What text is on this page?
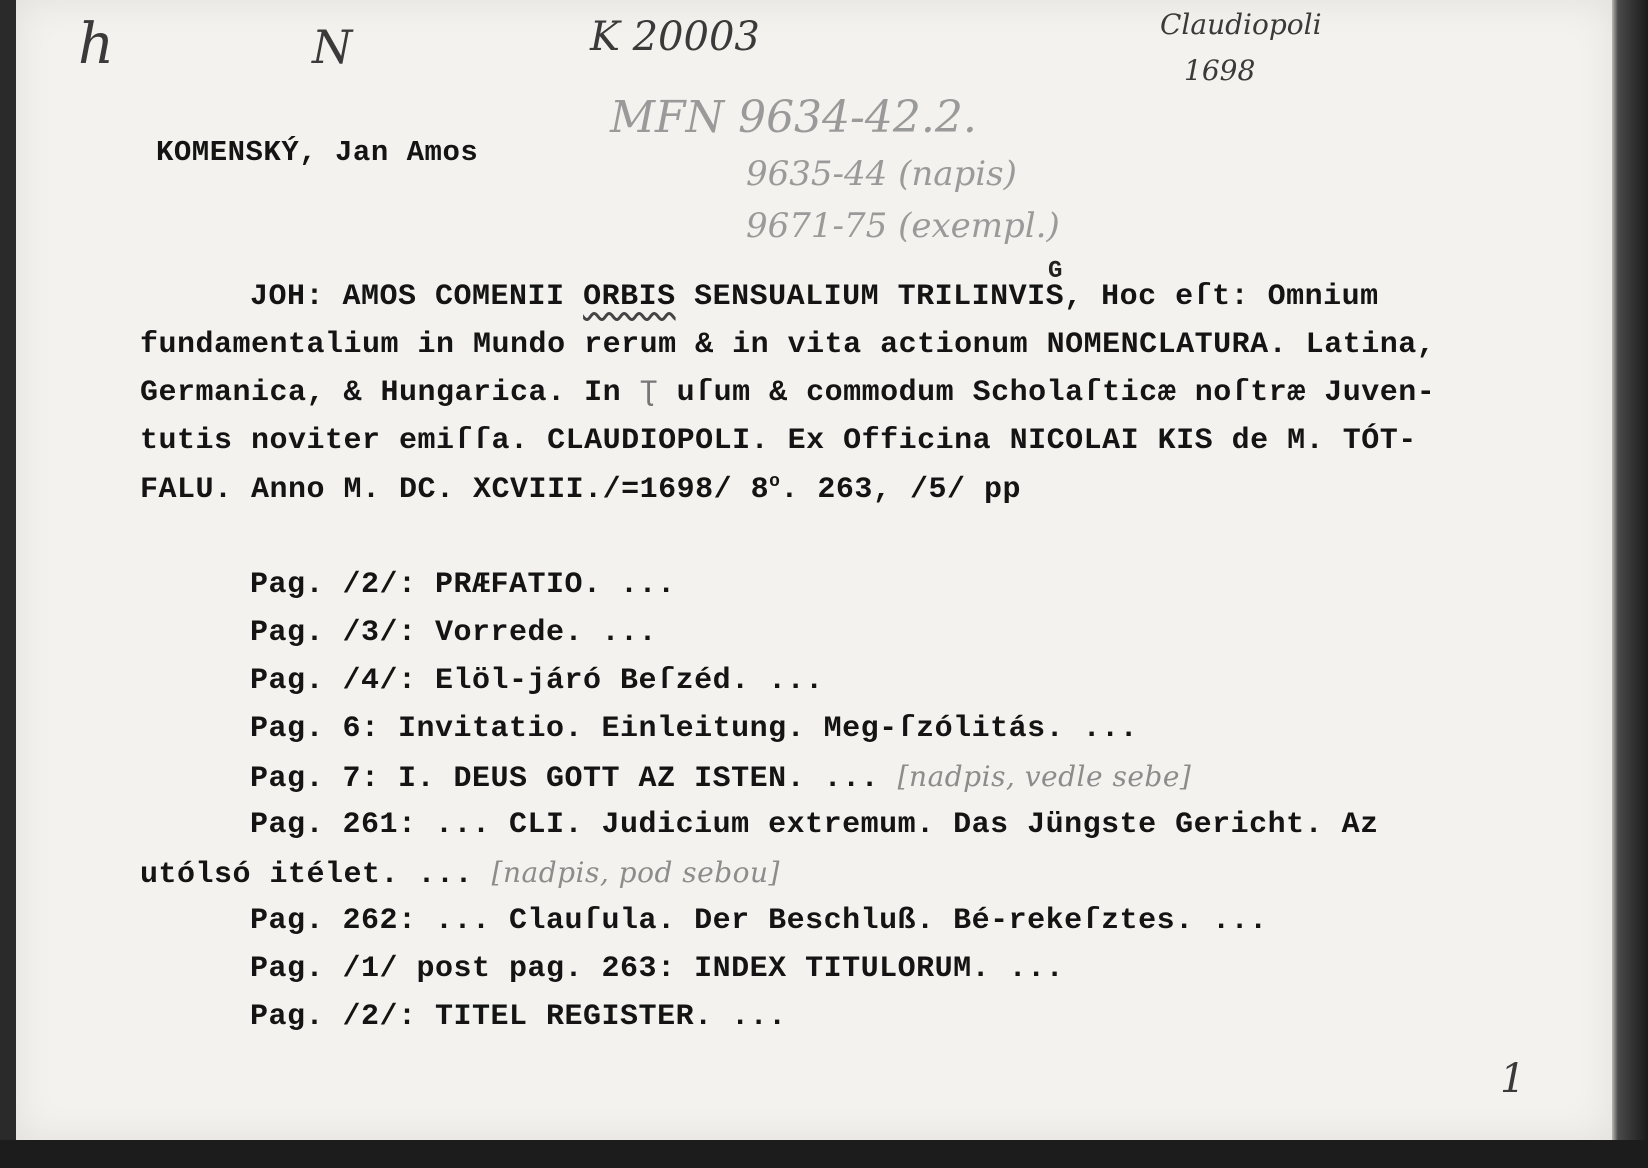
h	N	K 20003	Claudiopoli
1698
MFN 9634-42.2.
9635-44 (napis)
9671-75 (exempl.)
KOMENSKÝ, Jan Amos
G
JOH: AMOS COMENII ORBIS SENSUALIUM TRILINVIS, Hoc eſt: Omnium
fundamentalium in Mundo rerum & in vita actionum NOMENCLATURA. Latina,
Germanica, & Hungarica. In Ʈ uſum & commodum Scholaſticæ noſtræ Juven-
tutis noviter emiſſa. CLAUDIOPOLI. Ex Officina NICOLAI KIS de M. TÓT-
FALU. Anno M. DC. XCVIII./=1698/ 8$^o$. 263, /5/ pp
Pag. /2/: PRÆFATIO. ...
Pag. /3/: Vorrede. ...
Pag. /4/: Elöl-járó Beſzéd. ...
Pag. 6: Invitatio. Einleitung. Meg-ſzólitás. ...
Pag. 7: I. DEUS GOTT AZ ISTEN. ... [nadpis, vedle sebe]
Pag. 261: ... CLI. Judicium extremum. Das Jüngste Gericht. Az
utólsó itélet. ... [nadpis, pod sebou]
Pag. 262: ... Clauſula. Der Beschluß. Bé-rekeſztes. ...
Pag. /1/ post pag. 263: INDEX TITULORUM. ...
Pag. /2/: TITEL REGISTER. ...
1
